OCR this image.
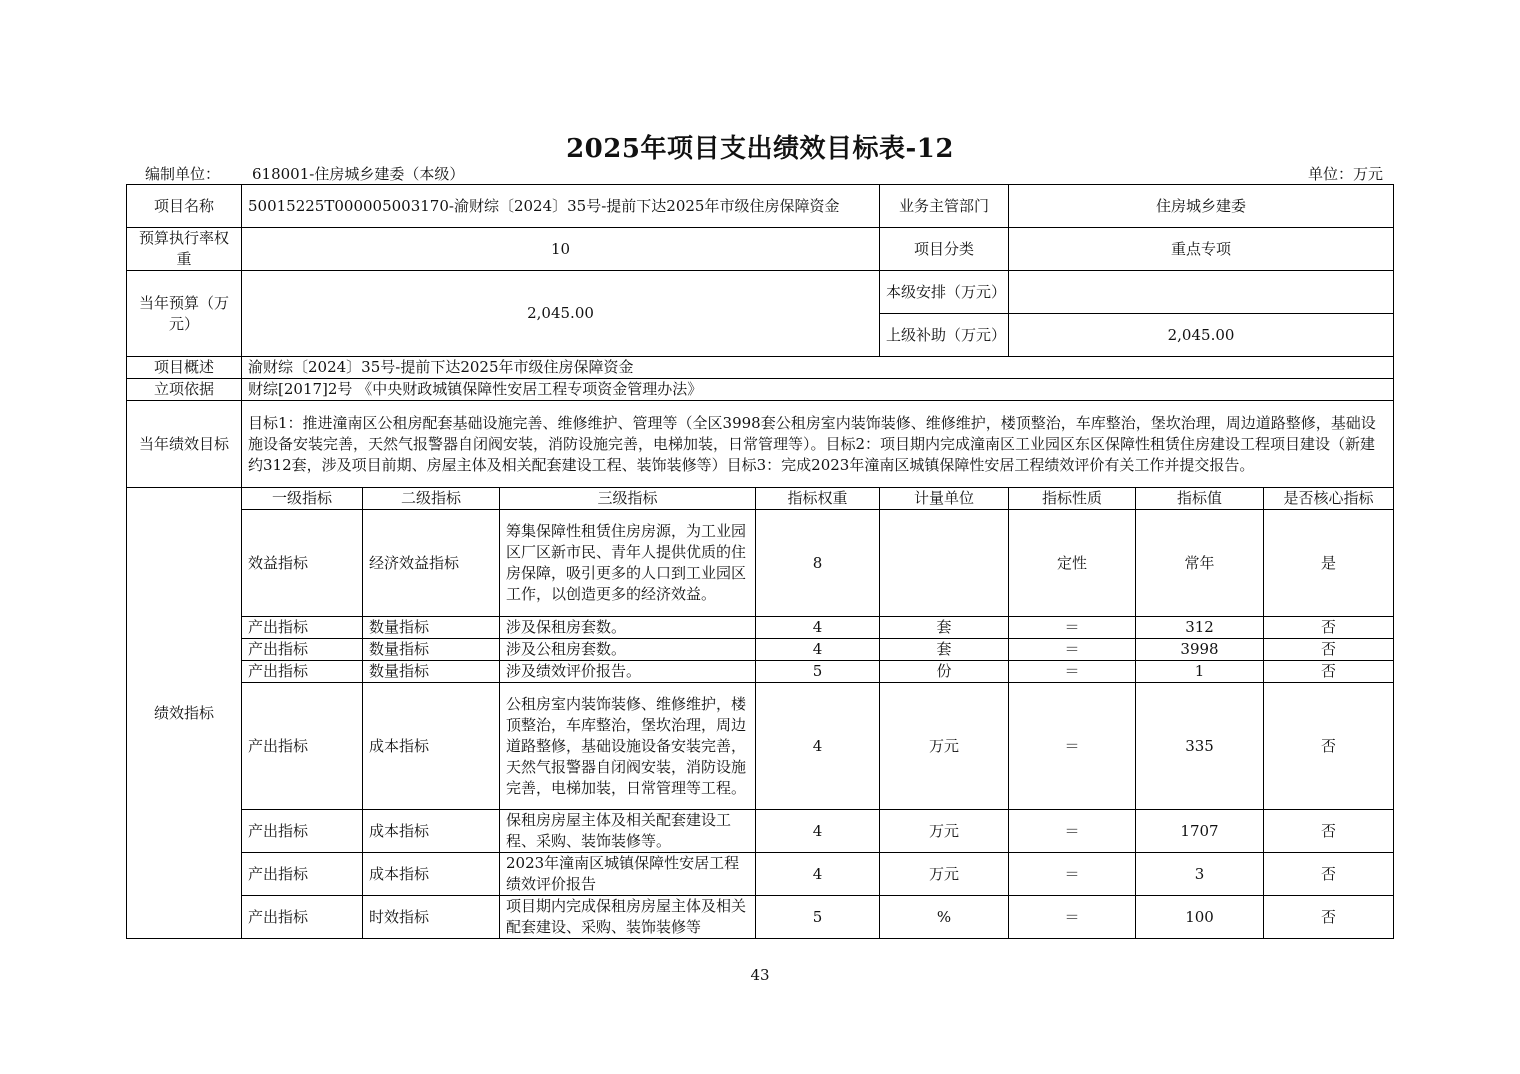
2025年项目支出绩效目标表-12
编制单位： 618001-住房城乡建委（本级）	单位：万元
项目名称	50015225T000005003170-渝财综〔2024〕35号-提前下达2025年市级住房保障资金				业务主管部门	住房城乡建委		
预算执行率权重	10				项目分类	重点专项		
当年预算（万元）	2,045.00				本级安排（万元）			
					上级补助（万元）	2,045.00		
项目概述	渝财综〔2024〕35号-提前下达2025年市级住房保障资金							
立项依据	财综[2017]2号 《中央财政城镇保障性安居工程专项资金管理办法》							
当年绩效目标	目标1：推进潼南区公租房配套基础设施完善、维修维护、管理等（全区3998套公租房室内装饰装修、维修维护，楼顶整治，车库整治，堡坎治理，周边道路整修，基础设施设备安装完善，天然气报警器自闭阀安装，消防设施完善，电梯加装，日常管理等）。目标2：项目期内完成潼南区工业园区东区保障性租赁住房建设工程项目建设（新建约312套，涉及项目前期、房屋主体及相关配套建设工程、装饰装修等）目标3：完成2023年潼南区城镇保障性安居工程绩效评价有关工作并提交报告。							
绩效指标	一级指标	二级指标	三级指标	指标权重	计量单位	指标性质	指标值	是否核心指标
	效益指标	经济效益指标	筹集保障性租赁住房房源，为工业园区厂区新市民、青年人提供优质的住房保障，吸引更多的人口到工业园区工作，以创造更多的经济效益。	8		定性	常年	是
	产出指标	数量指标	涉及保租房套数。	4	套	＝	312	否
	产出指标	数量指标	涉及公租房套数。	4	套	＝	3998	否
	产出指标	数量指标	涉及绩效评价报告。	5	份	＝	1	否
	产出指标	成本指标	公租房室内装饰装修、维修维护，楼顶整治，车库整治，堡坎治理，周边道路整修，基础设施设备安装完善，天然气报警器自闭阀安装，消防设施完善，电梯加装，日常管理等工程。	4	万元	＝	335	否
	产出指标	成本指标	保租房房屋主体及相关配套建设工程、采购、装饰装修等。	4	万元	＝	1707	否
	产出指标	成本指标	2023年潼南区城镇保障性安居工程绩效评价报告	4	万元	＝	3	否
	产出指标	时效指标	项目期内完成保租房房屋主体及相关配套建设、采购、装饰装修等	5	%	＝	100	否
43
